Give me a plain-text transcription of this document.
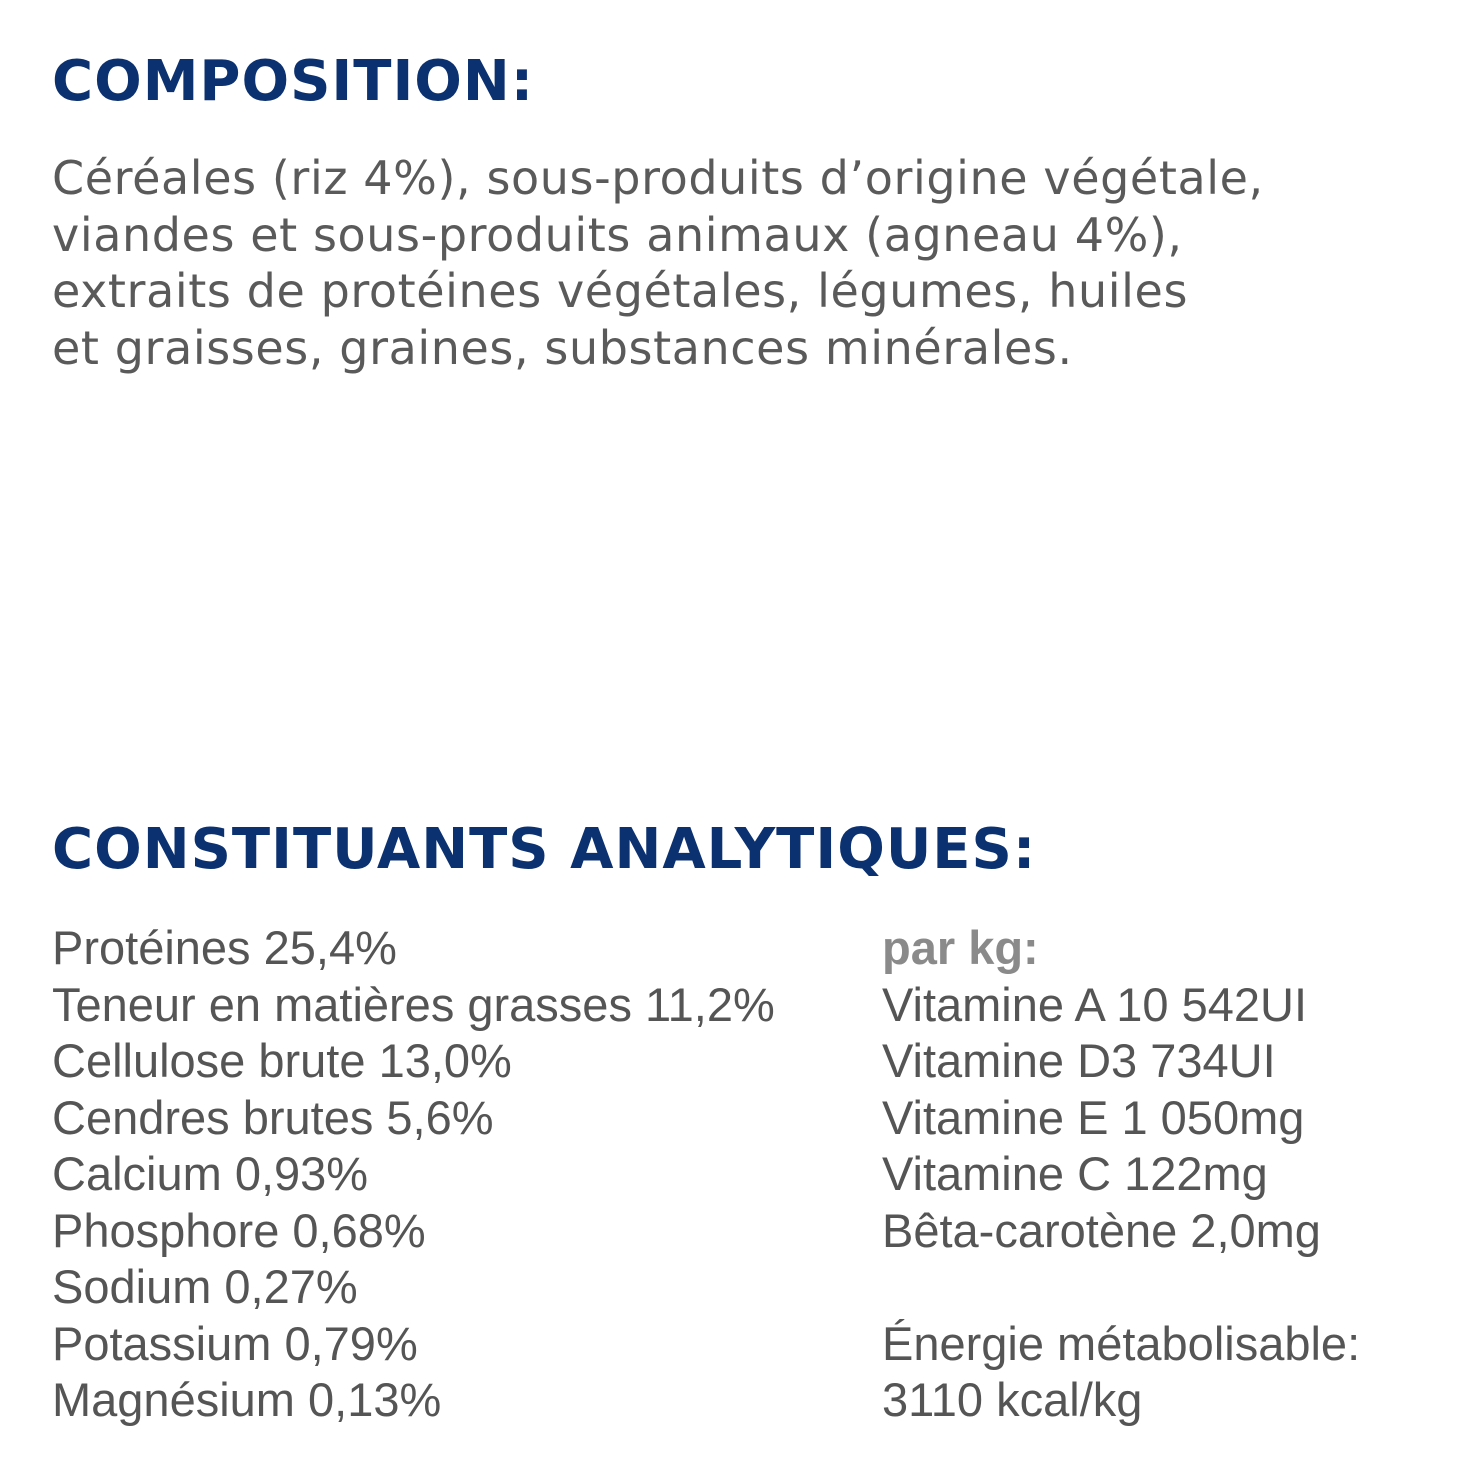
COMPOSITION:
Céréales (riz 4%), sous-produits d’origine végétale,
viandes et sous-produits animaux (agneau 4%),
extraits de protéines végétales, légumes, huiles
et graisses, graines, substances minérales.
CONSTITUANTS ANALYTIQUES:
Protéines 25,4%
Teneur en matières grasses 11,2%
Cellulose brute 13,0%
Cendres brutes 5,6%
Calcium 0,93%
Phosphore 0,68%
Sodium 0,27%
Potassium 0,79%
Magnésium 0,13%
par kg:
Vitamine A 10 542UI
Vitamine D3 734UI
Vitamine E 1 050mg
Vitamine C 122mg
Bêta-carotène 2,0mg
Énergie métabolisable:
3110 kcal/kg
